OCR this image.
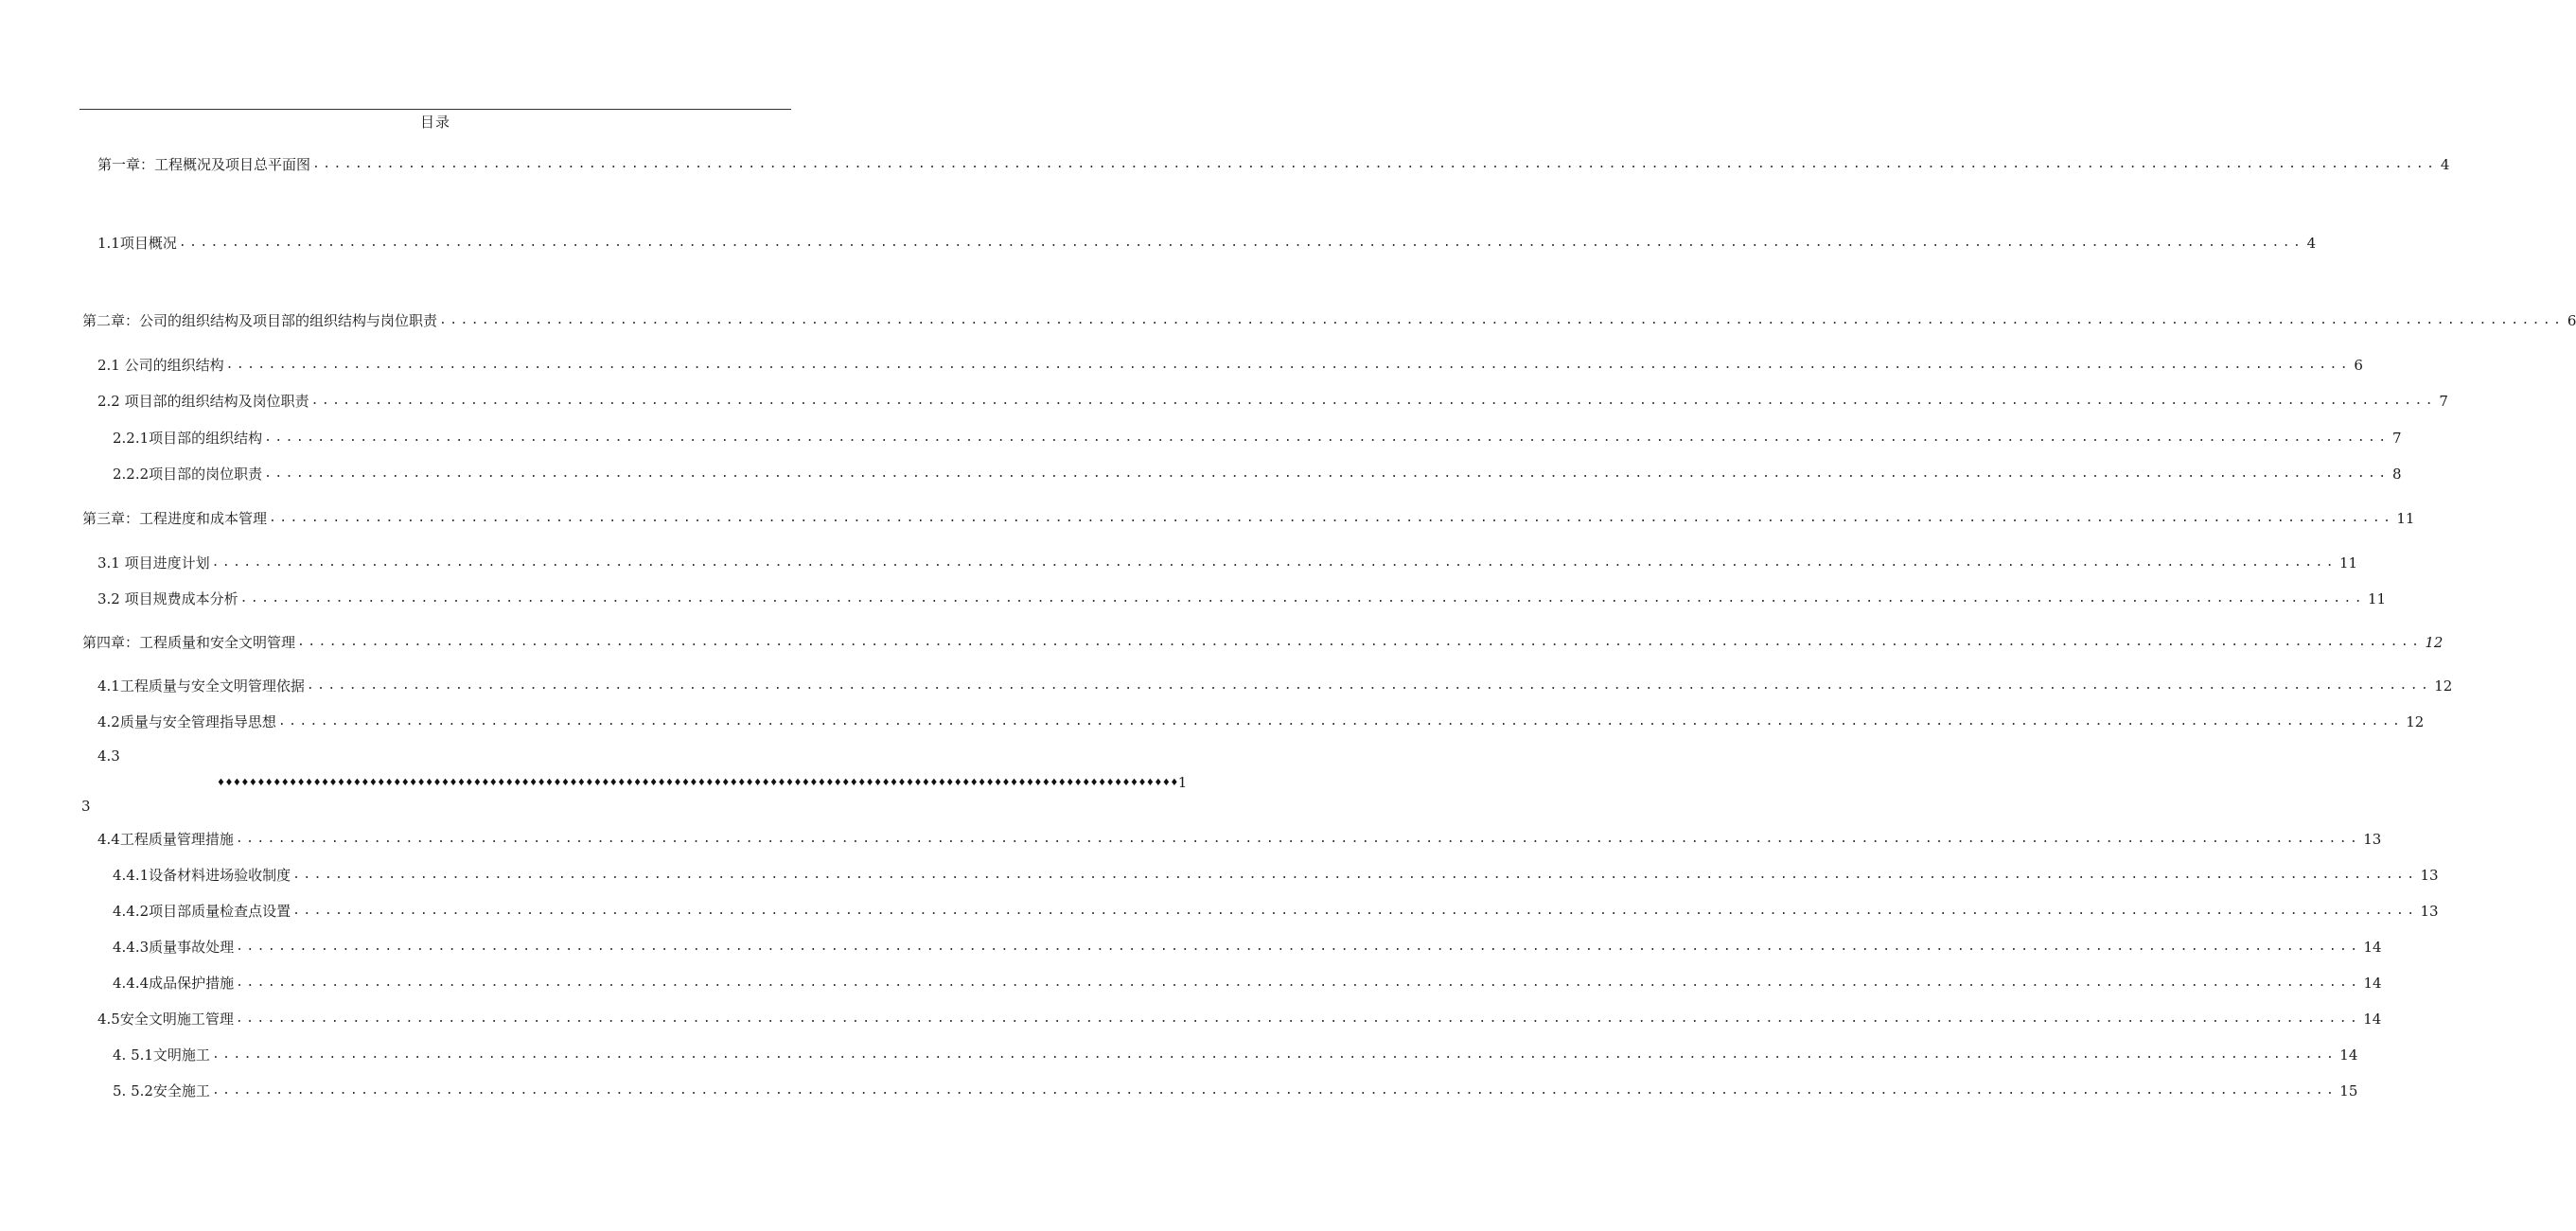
目录
第一章：工程概况及项目总平面图 ........................................................................................................................................................................................................ 4
1.1项目概况 ........................................................................................................................................................................................................ 4
第二章：公司的组织结构及项目部的组织结构与岗位职责 ........................................................................................................................................................................................................ 6
2.1 公司的组织结构 ........................................................................................................................................................................................................ 6
2.2 项目部的组织结构及岗位职责 ........................................................................................................................................................................................................ 7
2.2.1项目部的组织结构 ........................................................................................................................................................................................................ 7
2.2.2项目部的岗位职责 ........................................................................................................................................................................................................ 8
第三章：工程进度和成本管理 ........................................................................................................................................................................................................ 11
3.1 项目进度计划 ........................................................................................................................................................................................................ 11
3.2 项目规费成本分析 ........................................................................................................................................................................................................ 11
第四章：工程质量和安全文明管理 ........................................................................................................................................................................................................ 12
4.1工程质量与安全文明管理依据 ........................................................................................................................................................................................................ 12
4.2质量与安全管理指导思想 ........................................................................................................................................................................................................ 12
4.3
♦♦♦♦♦♦♦♦♦♦♦♦♦♦♦♦♦♦♦♦♦♦♦♦♦♦♦♦♦♦♦♦♦♦♦♦♦♦♦♦♦♦♦♦♦♦♦♦♦♦♦♦♦♦♦♦♦♦♦♦♦♦♦♦♦♦♦♦♦♦♦♦♦♦♦♦♦♦♦♦♦♦♦♦♦♦♦♦♦♦♦♦♦♦♦♦♦♦♦♦♦♦♦♦♦♦♦♦♦♦♦♦♦♦♦♦♦♦♦♦ 1
3
4.4工程质量管理措施 ........................................................................................................................................................................................................ 13
4.4.1设备材料进场验收制度 ........................................................................................................................................................................................................ 13
4.4.2项目部质量检查点设置 ........................................................................................................................................................................................................ 13
4.4.3质量事故处理 ........................................................................................................................................................................................................ 14
4.4.4成品保护措施 ........................................................................................................................................................................................................ 14
4.5安全文明施工管理 ........................................................................................................................................................................................................ 14
4. 5.1文明施工 ........................................................................................................................................................................................................ 14
5. 5.2安全施工 ........................................................................................................................................................................................................ 15
